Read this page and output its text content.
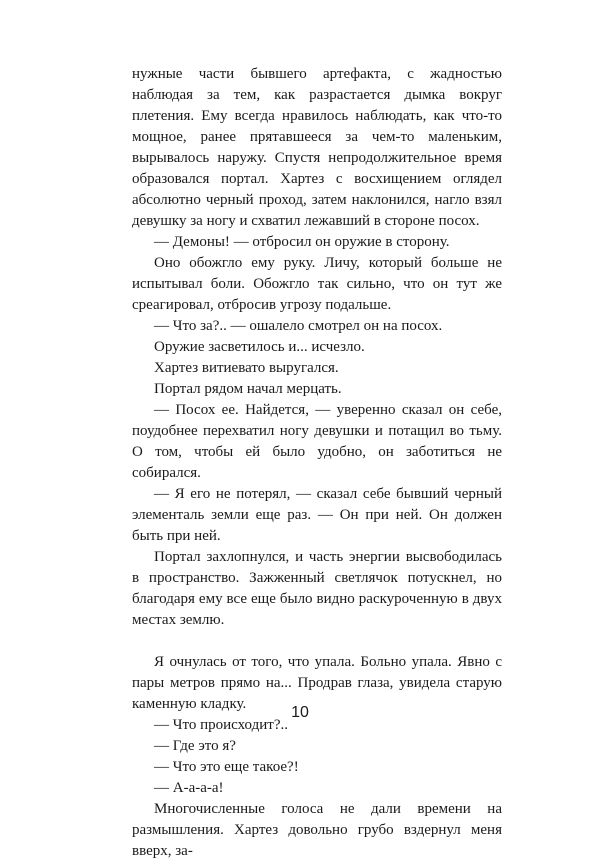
нужные части бывшего артефакта, с жадностью наблюдая за тем, как разрастается дымка вокруг плетения. Ему всегда нравилось наблюдать, как что-то мощное, ранее прятавшееся за чем-то маленьким, вырывалось наружу. Спустя непродолжительное время образовался портал. Хартез с восхищением оглядел абсолютно черный проход, затем наклонился, нагло взял девушку за ногу и схватил лежавший в стороне посох.

— Демоны! — отбросил он оружие в сторону.

Оно обожгло ему руку. Личу, который больше не испытывал боли. Обожгло так сильно, что он тут же среагировал, отбросив угрозу подальше.

— Что за?.. — ошалело смотрел он на посох.

Оружие засветилось и... исчезло.

Хартез витиевато выругался.

Портал рядом начал мерцать.

— Посох ее. Найдется, — уверенно сказал он себе, поудобнее перехватил ногу девушки и потащил во тьму. О том, чтобы ей было удобно, он заботиться не собирался.

— Я его не потерял, — сказал себе бывший черный элементаль земли еще раз. — Он при ней. Он должен быть при ней.

Портал захлопнулся, и часть энергии высвободилась в пространство. Зажженный светлячок потускнел, но благодаря ему все еще было видно раскуроченную в двух местах землю.

Я очнулась от того, что упала. Больно упала. Явно с пары метров прямо на... Продрав глаза, увидела старую каменную кладку.

— Что происходит?..

— Где это я?

— Что это еще такое?!

— А-а-а-а!

Многочисленные голоса не дали времени на размышления. Хартез довольно грубо вздернул меня вверх, за-

10
